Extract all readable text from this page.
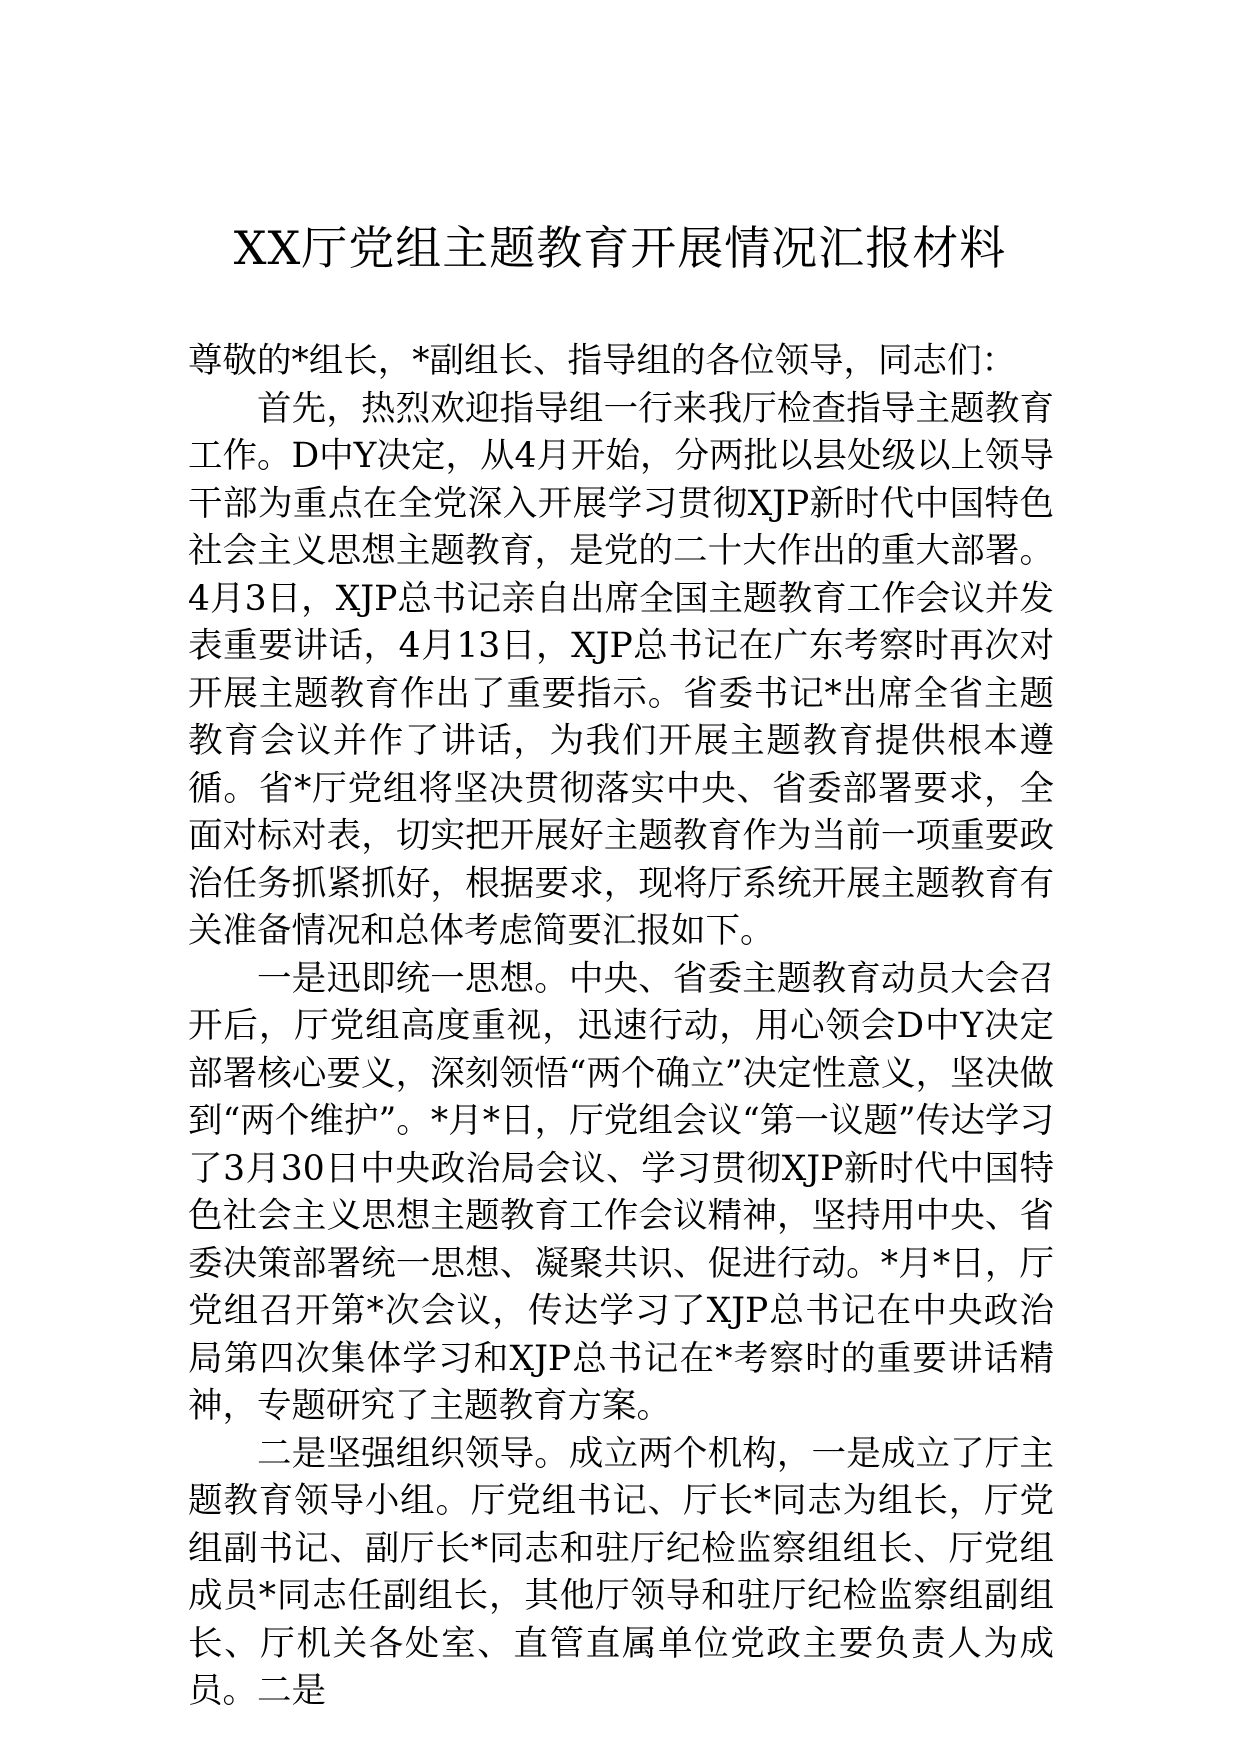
XX厅党组主题教育开展情况汇报材料

尊敬的*组长，*副组长、指导组的各位领导，同志们：

首先，热烈欢迎指导组一行来我厅检查指导主题教育工作。D中Y决定，从4月开始，分两批以县处级以上领导干部为重点在全党深入开展学习贯彻XJP新时代中国特色社会主义思想主题教育，是党的二十大作出的重大部署。4月3日，XJP总书记亲自出席全国主题教育工作会议并发表重要讲话，4月13日，XJP总书记在广东考察时再次对开展主题教育作出了重要指示。省委书记*出席全省主题教育会议并作了讲话，为我们开展主题教育提供根本遵循。省*厅党组将坚决贯彻落实中央、省委部署要求，全面对标对表，切实把开展好主题教育作为当前一项重要政治任务抓紧抓好，根据要求，现将厅系统开展主题教育有关准备情况和总体考虑简要汇报如下。

一是迅即统一思想。中央、省委主题教育动员大会召开后，厅党组高度重视，迅速行动，用心领会D中Y决定部署核心要义，深刻领悟“两个确立”决定性意义，坚决做到“两个维护”。*月*日，厅党组会议“第一议题”传达学习了3月30日中央政治局会议、学习贯彻XJP新时代中国特色社会主义思想主题教育工作会议精神，坚持用中央、省委决策部署统一思想、凝聚共识、促进行动。*月*日，厅党组召开第*次会议，传达学习了XJP总书记在中央政治局第四次集体学习和XJP总书记在*考察时的重要讲话精神，专题研究了主题教育方案。

二是坚强组织领导。成立两个机构，一是成立了厅主题教育领导小组。厅党组书记、厅长*同志为组长，厅党组副书记、副厅长*同志和驻厅纪检监察组组长、厅党组成员*同志任副组长，其他厅领导和驻厅纪检监察组副组长、厅机关各处室、直管直属单位党政主要负责人为成员。二是
